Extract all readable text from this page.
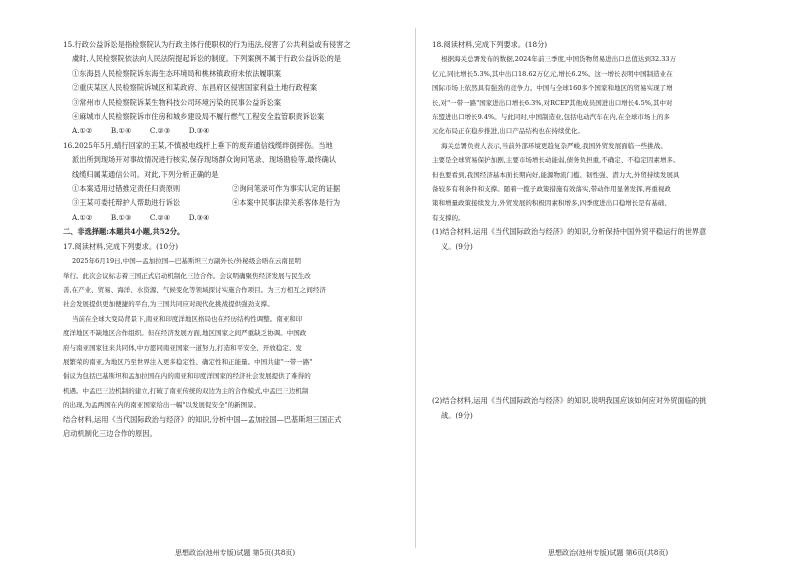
15.行政公益诉讼是指检察院认为行政主体行使职权的行为违法,侵害了公共利益或有侵害之
虞时,人民检察院依法向人民法院提起诉讼的制度。下列案例不属于行政公益诉讼的是
①东海县人民检察院诉东海生态环境局和桃林镇政府未依法履职案
②重庆某区人民检察院诉城区和某政府、东昌府区侵害国家利益土地行政程案
③常州市人民检察院诉某生物科技公司环境污染的民事公益诉讼案
④麻城市人民检察院诉市住房和城乡建设局不履行燃气工程安全监管职责诉讼案
A.①②        B.①④        C.②③        D.③④
16.2025年5月,蜻行回家的王某,不慎被电线杆上垂下的废弃通信线缆绊倒摔伤。当地
派出所到现场开对事故情况进行核实,保存现场群众询问笔录、现场勘验等,最终确认
线缆归属某通信公司。对此,下列分析正确的是
①本案适用过错推定责任归责原则	②询问笔录可作为事实认定的证据
③王某可委托辩护人帮助进行诉讼	④本案中民事法律关系客体是行为
A.①②        B.①③        C.②④        D.③④
二、非选择题:本题共4小题,共52分。
17.阅读材料,完成下列要求。(10分)
2025年6月19日,中国—孟加拉国—巴基斯坦三方副外长/外秘级会晤在云南昆明
举行。此次会议标志着三国正式启动机制化三边合作。会议明确聚焦经济发展与民生改
善,在产业、贸易、海洋、水资源、气候变化等领域探讨实施合作项目。为三方相互之间经济
社会发展提供更加便捷的平台,为三国共同应对现代化挑战提供强劲支撑。
当前在全球大变局背景下,南亚和印度洋地区格局也在经历结构性调整。南亚和印
度洋地区不缺地区合作组织。但在经济发展方面,地区国家之间严重缺乏协调。中国政
府与南亚国家往来共同体,中方愿同南亚国家一道努力,打造和平安全、开放稳定、发
展繁荣的南亚,为地区乃至世界注入更多稳定性、确定性和正能量。中国共建"一带一路"
倡议为包括巴基斯坦和孟加拉国在内的南亚和印度洋国家的经济社会发展提供了难得的
机遇。中孟巴三边机制的建立,打破了南亚传统的双边为主的合作模式,中孟巴三边机制
的出现,为孟两国在内的南亚国家给出一幅"以发展促安全"的新图景。
结合材料,运用《当代国际政治与经济》的知识,分析中国—孟加拉国—巴基斯坦三国正式
启动机制化三边合作的原因。
18.阅读材料,完成下列要求。(18分)
根据海关总署发布的数据,2024年前三季度,中国货物贸易进出口总值达到32.33万
亿元,同比增长5.3%,其中出口18.62万亿元,增长6.2%。这一增长表明中国制造业在
国际市场上依然具有强劲的竞争力。中国与全球160多个国家和地区的贸易实现了增
长,对"一带一路"国家进出口增长6.3%,对RCEP其他成员国进出口增长4.5%,其中对
东盟进出口增长9.4%。与此同时,中国制造业,包括电动汽车在内,在全球市场上的多
元化布局正在稳步推进,出口产品结构也在持续优化。
海关总署负责人表示,当前外部环境更趋复杂严峻,我国外贸发展面临一些挑战。
主要是全球贸易保护加剧,主要市场增长动能弱,债务负担重,不确定、不稳定因素增多。
但也要看到,我国经济基本面长期向好,能源物流门槛、韧性强、潜力大,外贸持续发展具
备较多有利条件和支撑。随着一揽子政策措施有效落实,带动作用显著发挥,再重视政
策和增量政策接续发力,外贸发展的积极因素积增多,四季度进出口稳增长是有基础、
有支撑的。
(1)结合材料,运用《当代国际政治与经济》的知识,分析保持中国外贸平稳运行的世界意
义。(9分)
(2)结合材料,运用《当代国际政治与经济》的知识,说明我国应该如何应对外贸面临的挑
战。(9分)
思想政治(池州专版)试题 第5页(共8页)	思想政治(池州专版)试题 第6页(共8页)
